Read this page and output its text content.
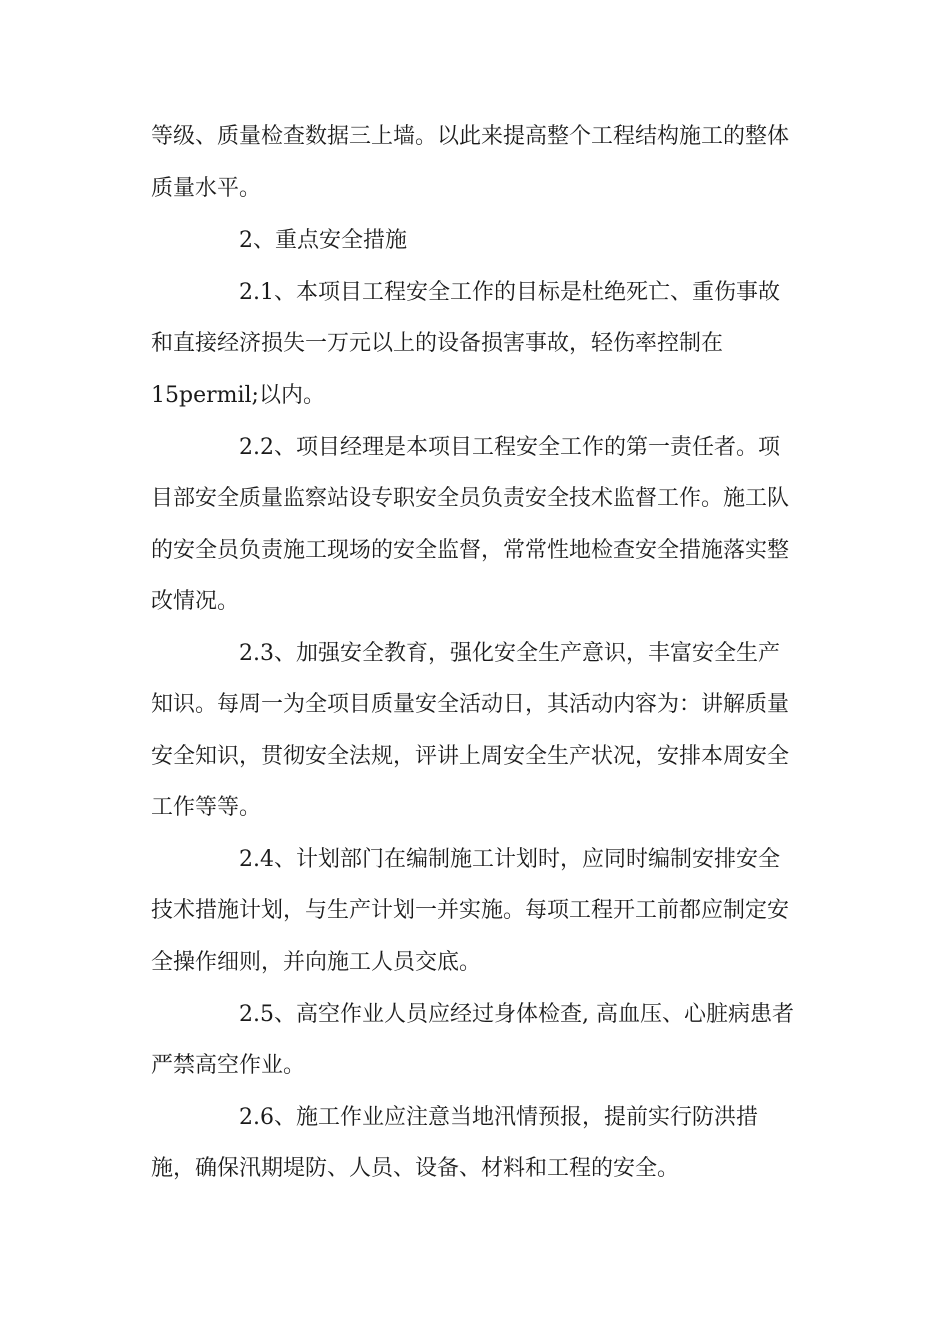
等级、质量检查数据三上墙。以此来提高整个工程结构施工的整体
质量水平。
2、重点安全措施
2.1、本项目工程安全工作的目标是杜绝死亡、重伤事故
和直接经济损失一万元以上的设备损害事故，轻伤率控制在
15permil;以内。
2.2、项目经理是本项目工程安全工作的第一责任者。项
目部安全质量监察站设专职安全员负责安全技术监督工作。施工队
的安全员负责施工现场的安全监督，常常性地检查安全措施落实整
改情况。
2.3、加强安全教育，强化安全生产意识，丰富安全生产
知识。每周一为全项目质量安全活动日，其活动内容为：讲解质量
安全知识，贯彻安全法规，评讲上周安全生产状况，安排本周安全
工作等等。
2.4、计划部门在编制施工计划时，应同时编制安排安全
技术措施计划，与生产计划一并实施。每项工程开工前都应制定安
全操作细则，并向施工人员交底。
2.5、高空作业人员应经过身体检查, 高血压、心脏病患者
严禁高空作业。
2.6、施工作业应注意当地汛情预报，提前实行防洪措
施，确保汛期堤防、人员、设备、材料和工程的安全。
